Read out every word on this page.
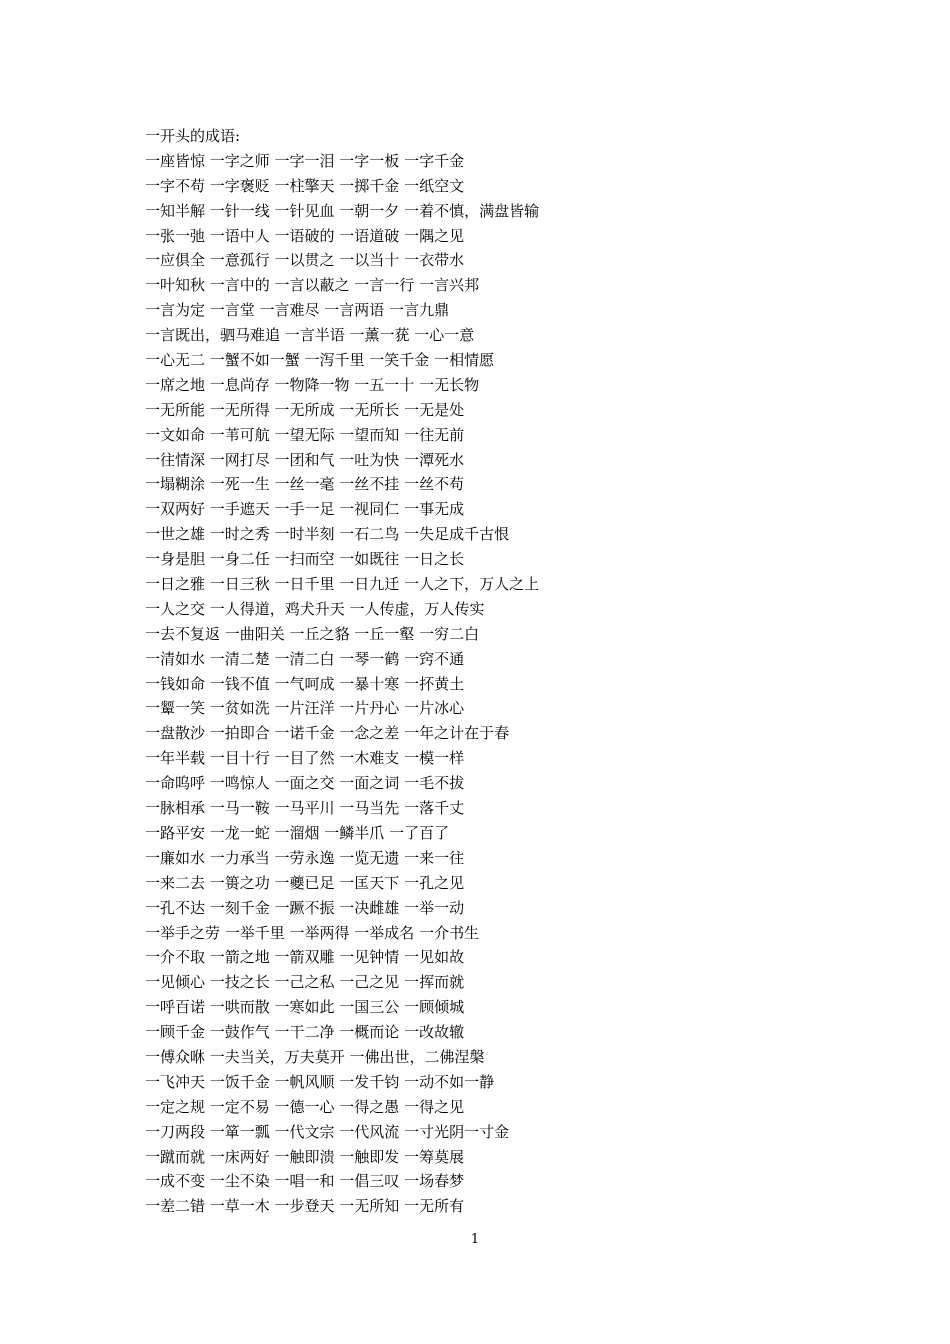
一开头的成语:
一座皆惊 一字之师 一字一泪 一字一板 一字千金
一字不苟 一字褒贬 一柱擎天 一掷千金 一纸空文
一知半解 一针一线 一针见血 一朝一夕 一着不慎，满盘皆输
一张一弛 一语中人 一语破的 一语道破 一隅之见
一应俱全 一意孤行 一以贯之 一以当十 一衣带水
一叶知秋 一言中的 一言以蔽之 一言一行 一言兴邦
一言为定 一言堂 一言难尽 一言两语 一言九鼎
一言既出，驷马难追 一言半语 一薰一莸 一心一意
一心无二 一蟹不如一蟹 一泻千里 一笑千金 一相情愿
一席之地 一息尚存 一物降一物 一五一十 一无长物
一无所能 一无所得 一无所成 一无所长 一无是处
一文如命 一苇可航 一望无际 一望而知 一往无前
一往情深 一网打尽 一团和气 一吐为快 一潭死水
一塌糊涂 一死一生 一丝一毫 一丝不挂 一丝不苟
一双两好 一手遮天 一手一足 一视同仁 一事无成
一世之雄 一时之秀 一时半刻 一石二鸟 一失足成千古恨
一身是胆 一身二任 一扫而空 一如既往 一日之长
一日之雅 一日三秋 一日千里 一日九迁 一人之下，万人之上
一人之交 一人得道，鸡犬升天 一人传虚，万人传实
一去不复返 一曲阳关 一丘之貉 一丘一壑 一穷二白
一清如水 一清二楚 一清二白 一琴一鹤 一窍不通
一钱如命 一钱不值 一气呵成 一暴十寒 一抔黄土
一颦一笑 一贫如洗 一片汪洋 一片丹心 一片冰心
一盘散沙 一拍即合 一诺千金 一念之差 一年之计在于春
一年半载 一目十行 一目了然 一木难支 一模一样
一命呜呼 一鸣惊人 一面之交 一面之词 一毛不拔
一脉相承 一马一鞍 一马平川 一马当先 一落千丈
一路平安 一龙一蛇 一溜烟 一鳞半爪 一了百了
一廉如水 一力承当 一劳永逸 一览无遗 一来一往
一来二去 一篑之功 一夔已足 一匡天下 一孔之见
一孔不达 一刻千金 一蹶不振 一决雌雄 一举一动
一举手之劳 一举千里 一举两得 一举成名 一介书生
一介不取 一箭之地 一箭双雕 一见钟情 一见如故
一见倾心 一技之长 一己之私 一己之见 一挥而就
一呼百诺 一哄而散 一寒如此 一国三公 一顾倾城
一顾千金 一鼓作气 一干二净 一概而论 一改故辙
一傅众咻 一夫当关，万夫莫开 一佛出世，二佛涅槃
一飞冲天 一饭千金 一帆风顺 一发千钧 一动不如一静
一定之规 一定不易 一德一心 一得之愚 一得之见
一刀两段 一箪一瓢 一代文宗 一代风流 一寸光阴一寸金
一蹴而就 一床两好 一触即溃 一触即发 一筹莫展
一成不变 一尘不染 一唱一和 一倡三叹 一场春梦
一差二错 一草一木 一步登天 一无所知 一无所有
1
